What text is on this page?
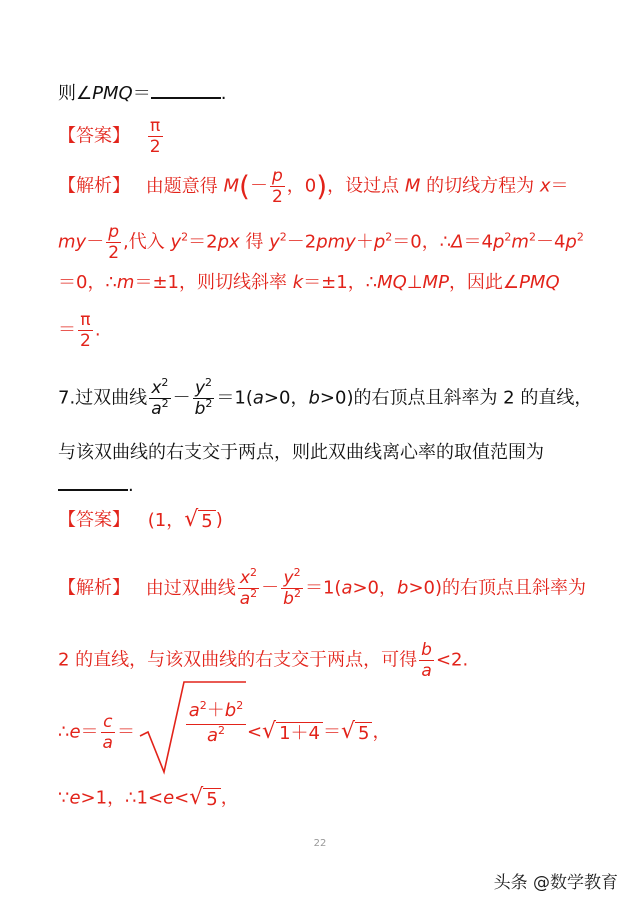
则∠PMQ＝	.
【答案】 $\frac{\pi}{2}$
【解析】 由题意得 $M(- \frac{p}{2}$ ，0)，设过点 M 的切线方程为 x＝
$my- \frac{p}{2}$ ,代入 $y^2=2px$ 得 $y^2-2pmy+p^2=0$，$\therefore\Delta=4p^2m^2-4p^2$
＝0，∴m＝±1，则切线斜率 k＝±1，∴MQ⊥MP，因此∠PMQ
＝ $\frac{\pi}{2}$ .
7.过双曲线 $\frac{x^2}{a^2} - \frac{y^2}{b^2} =1(a>0$，b>0)的右顶点且斜率为 2 的直线，
与该双曲线的右支交于两点，则此双曲线离心率的取值范围为
.
【答案】 (1， √ 5 )
【解析】 由过双曲线 $\frac{x^2}{a^2} - \frac{y^2}{b^2} =1(a>0$，b>0)的右顶点且斜率为
2 的直线，与该双曲线的右支交于两点，可得 $\frac{b}{a} <2$.
∴e＝ $\frac{c}{a}$ ＝	< √ 1＋4 ＝ √ 5 ，
$a^2+b^2$
$a^2$
∵e>1，∴1<e< √ 5 ，
22
头条 @数学教育
